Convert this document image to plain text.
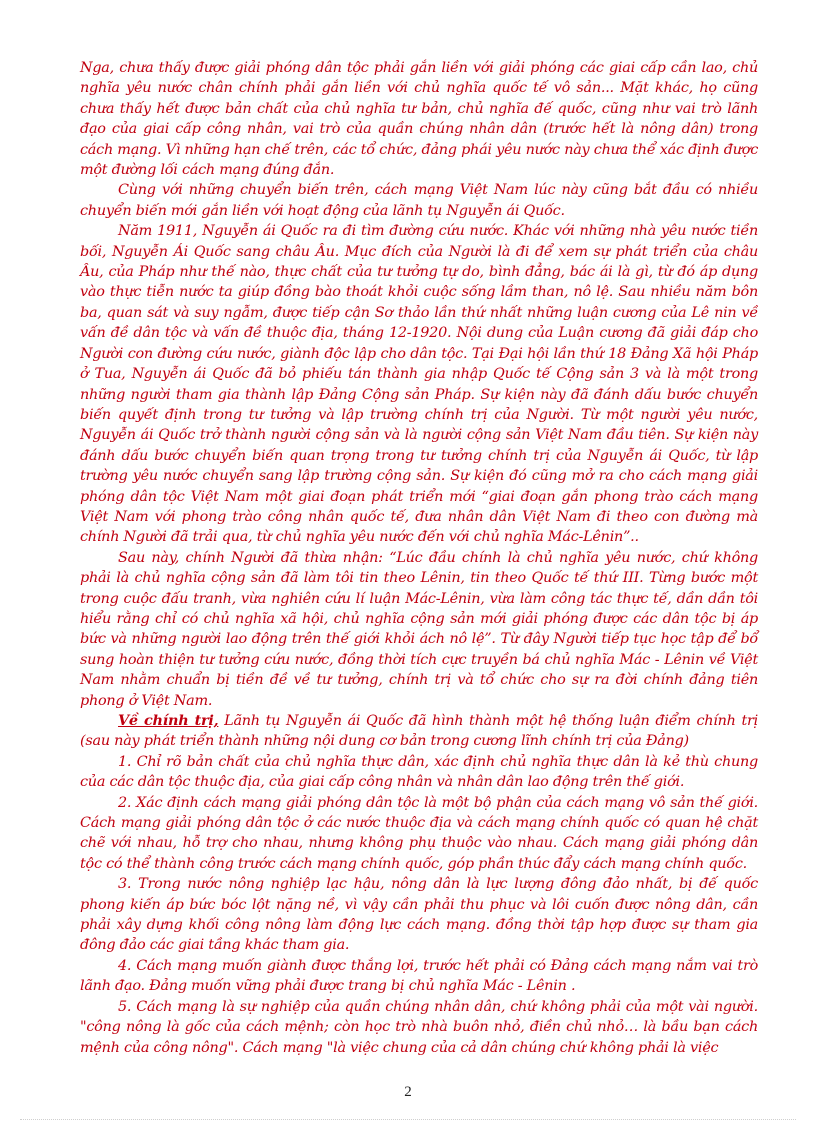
Nga, chưa thấy được giải phóng dân tộc phải gắn liền với giải phóng các giai cấp cần lao, chủ nghĩa yêu nước chân chính phải gắn liền với chủ nghĩa quốc tế vô sản... Mặt khác, họ cũng chưa thấy hết được bản chất của chủ nghĩa tư bản, chủ nghĩa đế quốc, cũng như vai trò lãnh đạo của giai cấp công nhân, vai trò của quần chúng nhân dân (trước hết là nông dân) trong cách mạng. Vì những hạn chế trên, các tổ chức, đảng phái yêu nước này chưa thể xác định được một đường lối cách mạng đúng đắn.

Cùng với những chuyển biến trên, cách mạng Việt Nam lúc này cũng bắt đầu có nhiều chuyển biến mới gắn liền với hoạt động của lãnh tụ Nguyễn ái Quốc.

Năm 1911, Nguyễn ái Quốc ra đi tìm đường cứu nước. Khác với những nhà yêu nước tiền bối, Nguyễn Ái Quốc sang châu Âu. Mục đích của Người là đi để xem sự phát triển của châu Âu, của Pháp như thế nào, thực chất của tư tưởng tự do, bình đẳng, bác ái là gì, từ đó áp dụng vào thực tiễn nước ta giúp đồng bào thoát khỏi cuộc sống lầm than, nô lệ. Sau nhiều năm bôn ba, quan sát và suy ngẫm, được tiếp cận Sơ thảo lần thứ nhất những luận cương của Lê nin về vấn đề dân tộc và vấn đề thuộc địa, tháng 12-1920. Nội dung của Luận cương đã giải đáp cho Người con đường cứu nước, giành độc lập cho dân tộc. Tại Đại hội lần thứ 18 Đảng Xã hội Pháp ở Tua, Nguyễn ái Quốc đã bỏ phiếu tán thành gia nhập Quốc tế Cộng sản 3 và là một trong những người tham gia thành lập Đảng Cộng sản Pháp. Sự kiện này đã đánh dấu bước chuyển biến quyết định trong tư tưởng và lập trường chính trị của Người. Từ một người yêu nước, Nguyễn ái Quốc trở thành người cộng sản và là người cộng sản Việt Nam đầu tiên. Sự kiện này đánh dấu bước chuyển biến quan trọng trong tư tưởng chính trị của Nguyễn ái Quốc, từ lập trường yêu nước chuyển sang lập trường cộng sản. Sự kiện đó cũng mở ra cho cách mạng giải phóng dân tộc Việt Nam một giai đoạn phát triển mới “giai đoạn gắn phong trào cách mạng Việt Nam với phong trào công nhân quốc tế, đưa nhân dân Việt Nam đi theo con đường mà chính Người đã trải qua, từ chủ nghĩa yêu nước đến với chủ nghĩa Mác-Lênin”..

Sau này, chính Người đã thừa nhận: “Lúc đầu chính là chủ nghĩa yêu nước, chứ không phải là chủ nghĩa cộng sản đã làm tôi tin theo Lênin, tin theo Quốc tế thứ III. Từng bước một trong cuộc đấu tranh, vừa nghiên cứu lí luận Mác-Lênin, vừa làm công tác thực tế, dần dần tôi hiểu rằng chỉ có chủ nghĩa xã hội, chủ nghĩa cộng sản mới giải phóng được các dân tộc bị áp bức và những người lao động trên thế giới khỏi ách nô lệ”. Từ đây Người tiếp tục học tập để bổ sung hoàn thiện tư tưởng cứu nước, đồng thời tích cực truyền bá chủ nghĩa Mác - Lênin về Việt Nam nhằm chuẩn bị tiền đề về tư tưởng, chính trị và tổ chức cho sự ra đời chính đảng tiên phong ở Việt Nam.

Về chính trị, Lãnh tụ Nguyễn ái Quốc đã hình thành một hệ thống luận điểm chính trị (sau này phát triển thành những nội dung cơ bản trong cương lĩnh chính trị của Đảng)

1. Chỉ rõ bản chất của chủ nghĩa thực dân, xác định chủ nghĩa thực dân là kẻ thù chung của các dân tộc thuộc địa, của giai cấp công nhân và nhân dân lao động trên thế giới.

2. Xác định cách mạng giải phóng dân tộc là một bộ phận của cách mạng vô sản thế giới. Cách mạng giải phóng dân tộc ở các nước thuộc địa và cách mạng chính quốc có quan hệ chặt chẽ với nhau, hỗ trợ cho nhau, nhưng không phụ thuộc vào nhau. Cách mạng giải phóng dân tộc có thể thành công trước cách mạng chính quốc, góp phần thúc đẩy cách mạng chính quốc.

3. Trong nước nông nghiệp lạc hậu, nông dân là lực lượng đông đảo nhất, bị đế quốc phong kiến áp bức bóc lột nặng nề, vì vậy cần phải thu phục và lôi cuốn được nông dân, cần phải xây dựng khối công nông làm động lực cách mạng. đồng thời tập hợp được sự tham gia đông đảo các giai tầng khác tham gia.

4. Cách mạng muốn giành được thắng lợi, trước hết phải có Đảng cách mạng nắm vai trò lãnh đạo. Đảng muốn vững phải được trang bị chủ nghĩa Mác - Lênin .

5. Cách mạng là sự nghiệp của quần chúng nhân dân, chứ không phải của một vài người. "công nông là gốc của cách mệnh; còn học trò nhà buôn nhỏ, điền chủ nhỏ… là bầu bạn cách mệnh của công nông". Cách mạng "là việc chung của cả dân chúng chứ không phải là việc

2
